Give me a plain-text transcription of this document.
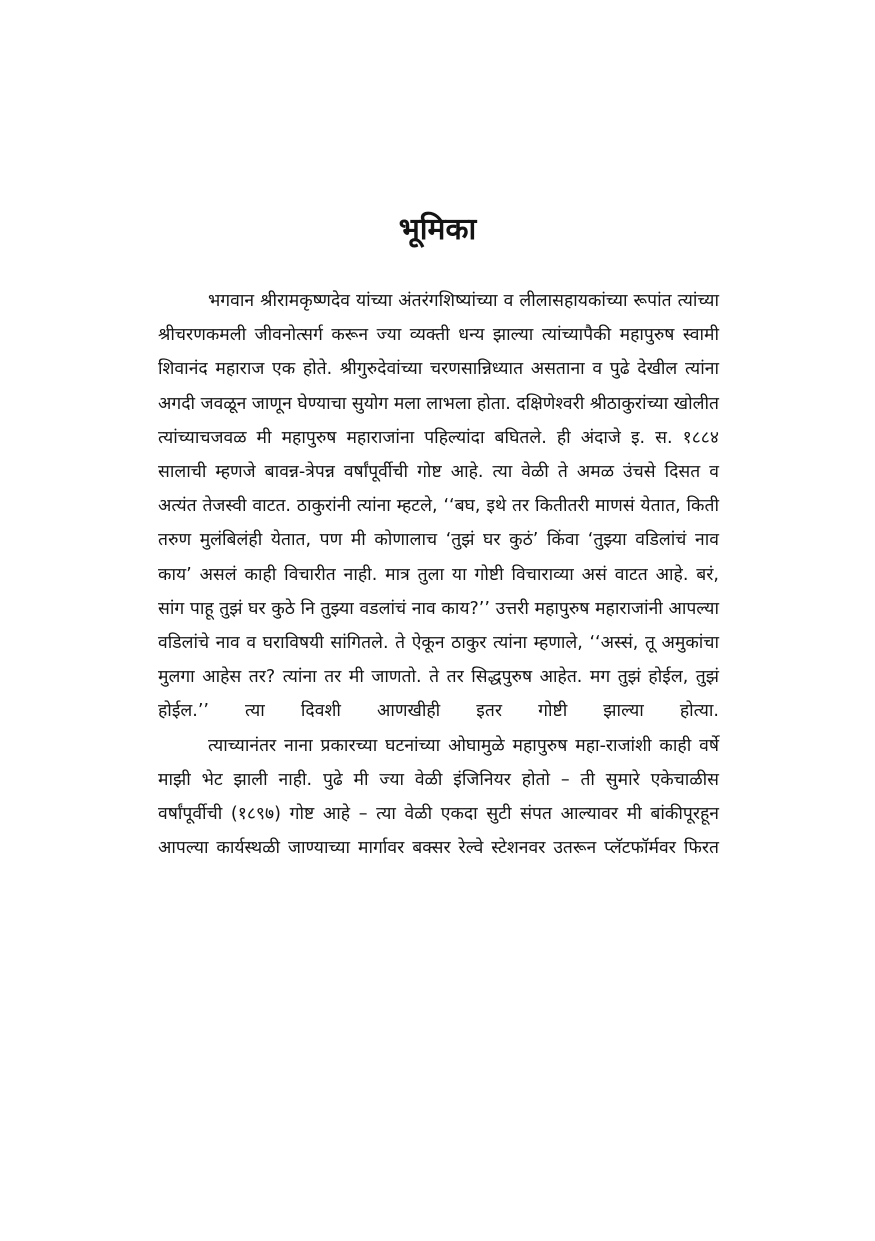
भूमिका

भगवान श्रीरामकृष्णदेव यांच्या अंतरंगशिष्यांच्या व लीलासहायकांच्या रूपांत त्यांच्या श्रीचरणकमली जीवनोत्सर्ग करून ज्या व्यक्ती धन्य झाल्या त्यांच्यापैकी महापुरुष स्वामी शिवानंद महाराज एक होते. श्रीगुरुदेवांच्या चरणसान्निध्यात असताना व पुढे देखील त्यांना अगदी जवळून जाणून घेण्याचा सुयोग मला लाभला होता. दक्षिणेश्वरी श्रीठाकुरांच्या खोलीत त्यांच्याचजवळ मी महापुरुष महाराजांना पहिल्यांदा बघितले. ही अंदाजे इ. स. १८८४ सालाची म्हणजे बावन्न-त्रेपन्न वर्षांपूर्वीची गोष्ट आहे. त्या वेळी ते अमळ उंचसे दिसत व अत्यंत तेजस्वी वाटत. ठाकुरांनी त्यांना म्हटले, ‘‘बघ, इथे तर कितीतरी माणसं येतात, किती तरुण मुलंबिलंही येतात, पण मी कोणालाच ‘तुझं घर कुठं’ किंवा ‘तुझ्या वडिलांचं नाव काय’ असलं काही विचारीत नाही. मात्र तुला या गोष्टी विचाराव्या असं वाटत आहे. बरं, सांग पाहू तुझं घर कुठे नि तुझ्या वडलांचं नाव काय?’’ उत्तरी महापुरुष महाराजांनी आपल्या वडिलांचे नाव व घराविषयी सांगितले. ते ऐकून ठाकुर त्यांना म्हणाले, ‘‘अस्सं, तू अमुकांचा मुलगा आहेस तर? त्यांना तर मी जाणतो. ते तर सिद्धपुरुष आहेत. मग तुझं होईल, तुझं होईल.’’ त्या दिवशी आणखीही इतर गोष्टी झाल्या होत्या.

त्याच्यानंतर नाना प्रकारच्या घटनांच्या ओघामुळे महापुरुष महा-राजांशी काही वर्षे माझी भेट झाली नाही. पुढे मी ज्या वेळी इंजिनियर होतो – ती सुमारे एकेचाळीस वर्षांपूर्वीची (१८९७) गोष्ट आहे – त्या वेळी एकदा सुटी संपत आल्यावर मी बांकीपूरहून आपल्या कार्यस्थळी जाण्याच्या मार्गावर बक्सर रेल्वे स्टेशनवर उतरून प्लॅटफॉर्मवर फिरत
